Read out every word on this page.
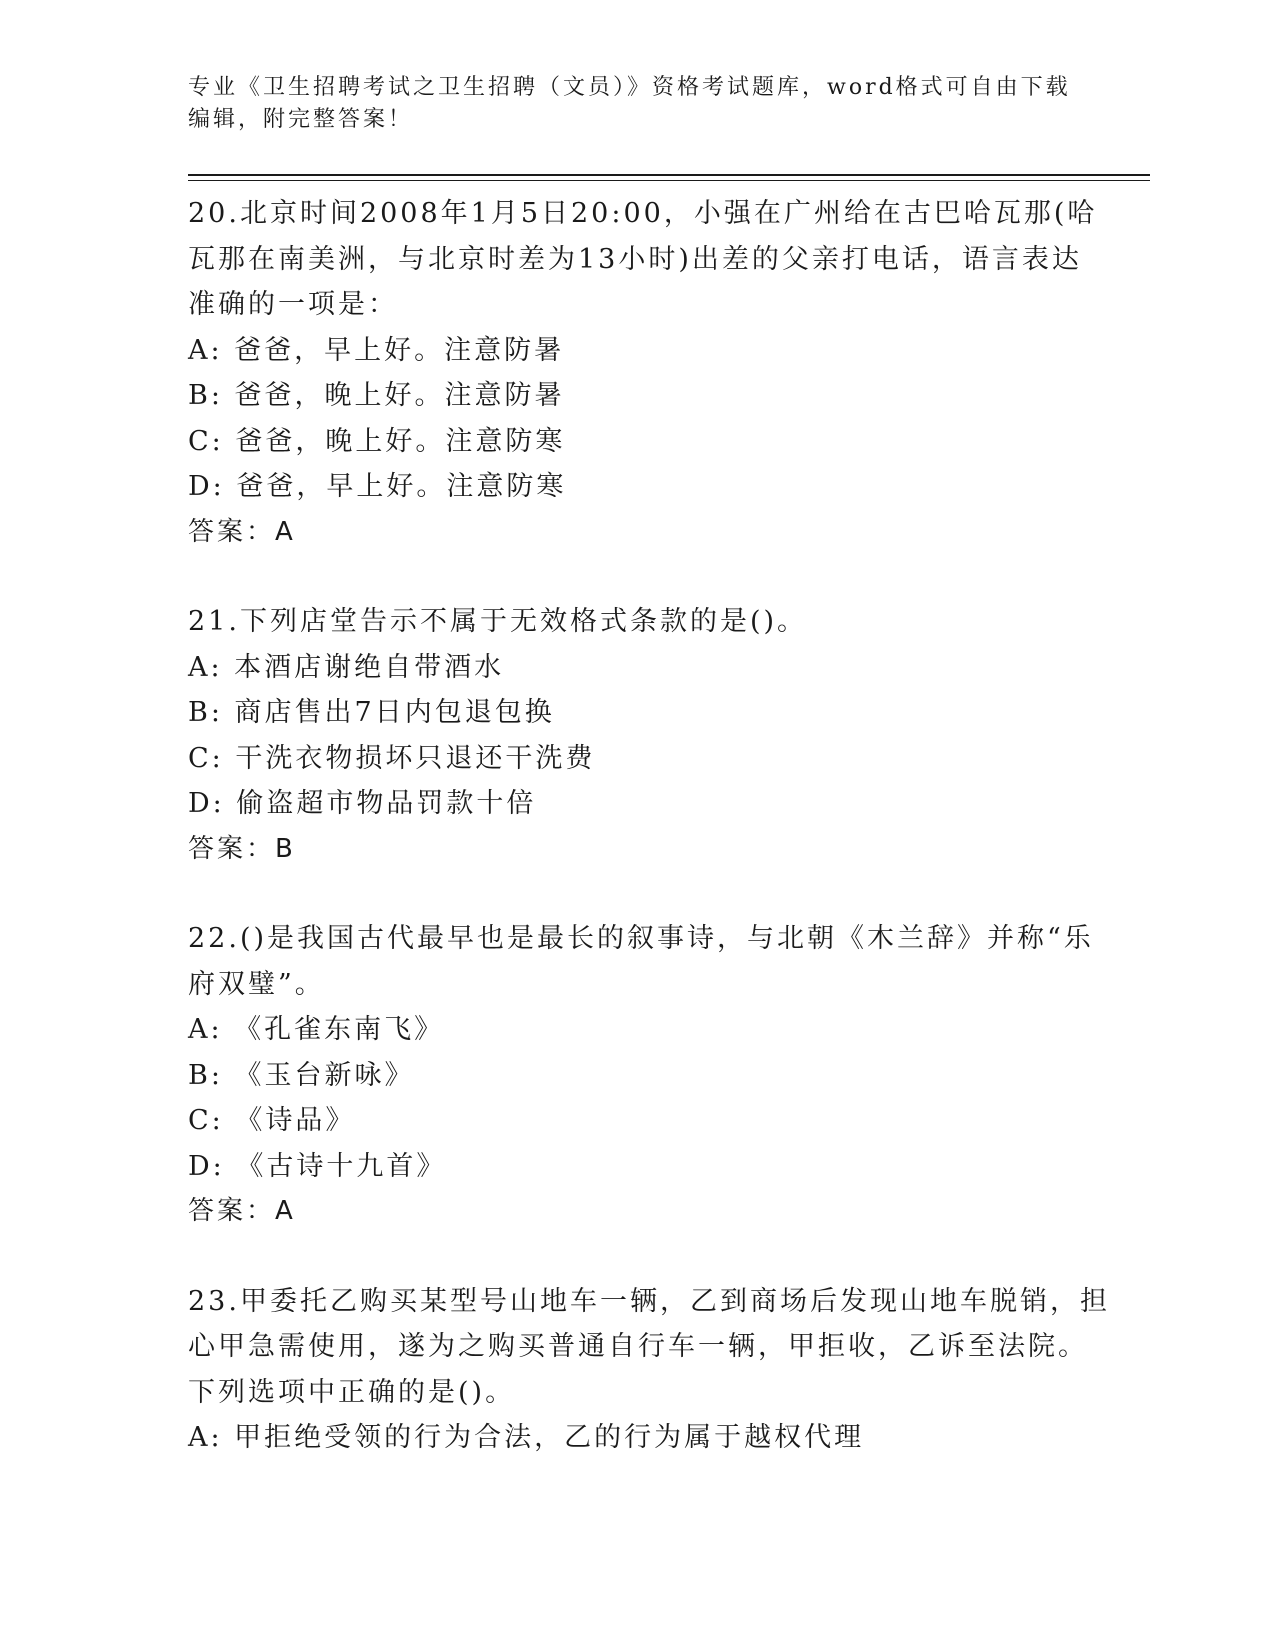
专业《卫生招聘考试之卫生招聘（文员）》资格考试题库，word格式可自由下载
编辑，附完整答案！
20.北京时间2008年1月5日20:00，小强在广州给在古巴哈瓦那(哈
瓦那在南美洲，与北京时差为13小时)出差的父亲打电话，语言表达
准确的一项是：
A: 爸爸，早上好。注意防暑
B: 爸爸，晚上好。注意防暑
C: 爸爸，晚上好。注意防寒
D: 爸爸，早上好。注意防寒
答案：A
21.下列店堂告示不属于无效格式条款的是()。
A: 本酒店谢绝自带酒水
B: 商店售出7日内包退包换
C: 干洗衣物损坏只退还干洗费
D: 偷盗超市物品罚款十倍
答案：B
22.()是我国古代最早也是最长的叙事诗，与北朝《木兰辞》并称“乐
府双璧”。
A: 《孔雀东南飞》
B: 《玉台新咏》
C: 《诗品》
D: 《古诗十九首》
答案：A
23.甲委托乙购买某型号山地车一辆，乙到商场后发现山地车脱销，担
心甲急需使用，遂为之购买普通自行车一辆，甲拒收，乙诉至法院。
下列选项中正确的是()。
A: 甲拒绝受领的行为合法，乙的行为属于越权代理
